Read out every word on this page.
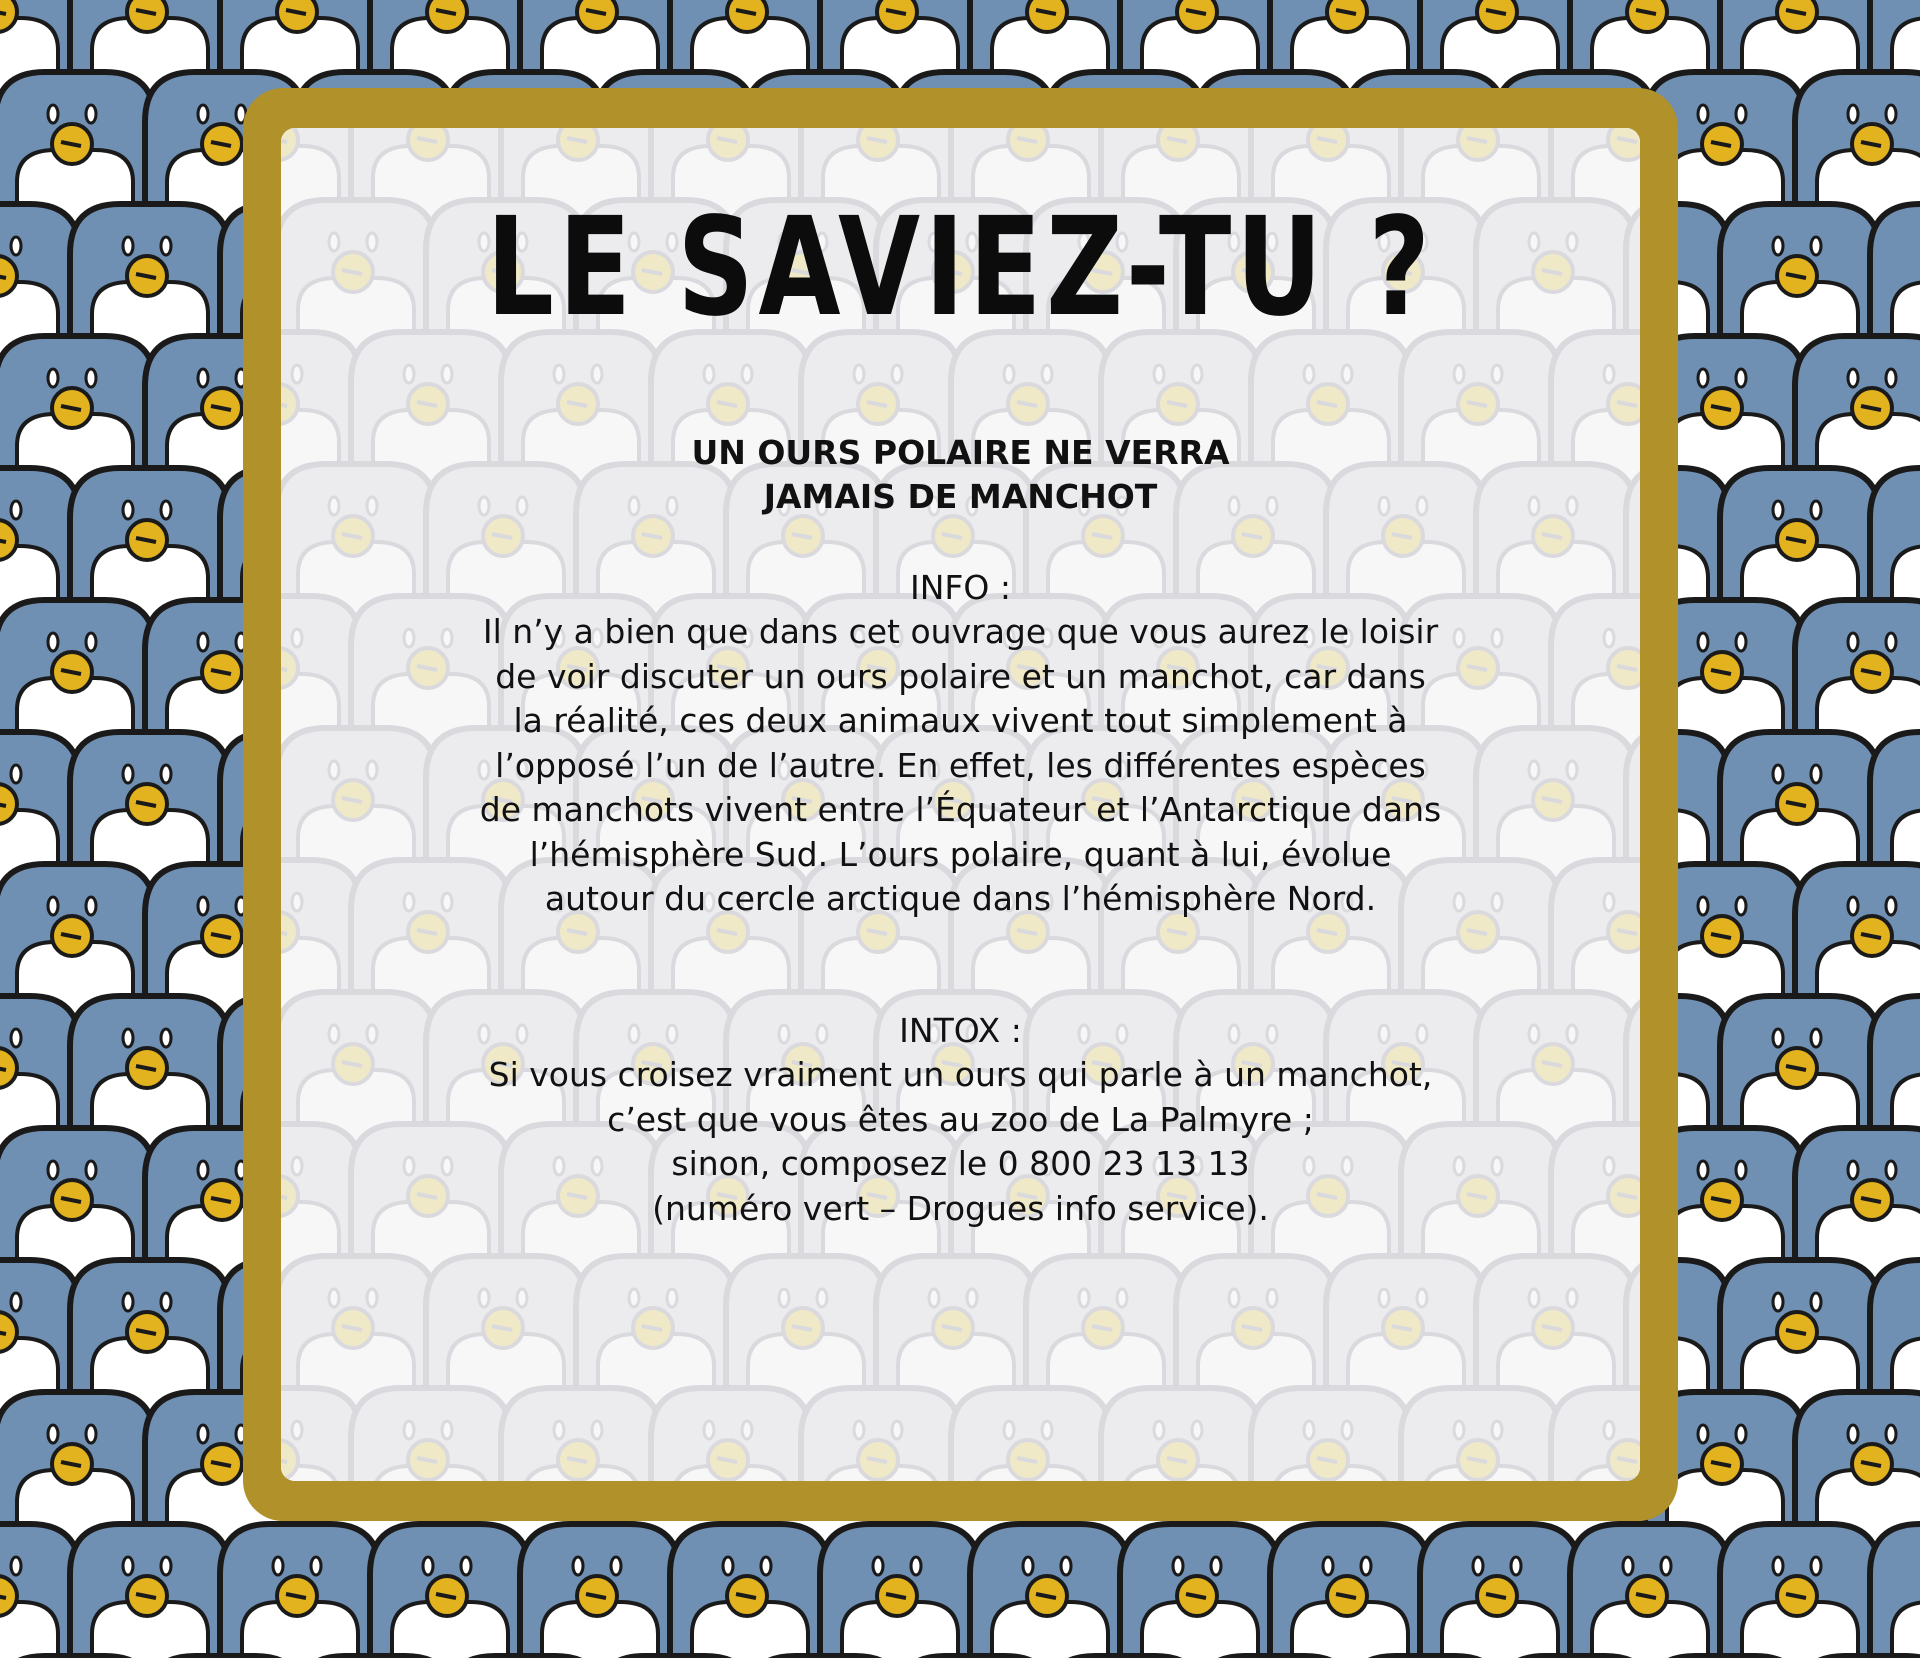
LE SAVIEZ-TU ?
UN OURS POLAIRE NE VERRA
JAMAIS DE MANCHOT
INFO :
Il n’y a bien que dans cet ouvrage que vous aurez le loisir
de voir discuter un ours polaire et un manchot, car dans
la réalité, ces deux animaux vivent tout simplement à
l’opposé l’un de l’autre. En effet, les différentes espèces
de manchots vivent entre l’Équateur et l’Antarctique dans
l’hémisphère Sud. L’ours polaire, quant à lui, évolue
autour du cercle arctique dans l’hémisphère Nord.
INTOX :
Si vous croisez vraiment un ours qui parle à un manchot,
c’est que vous êtes au zoo de La Palmyre ;
sinon, composez le 0 800 23 13 13
(numéro vert – Drogues info service).
